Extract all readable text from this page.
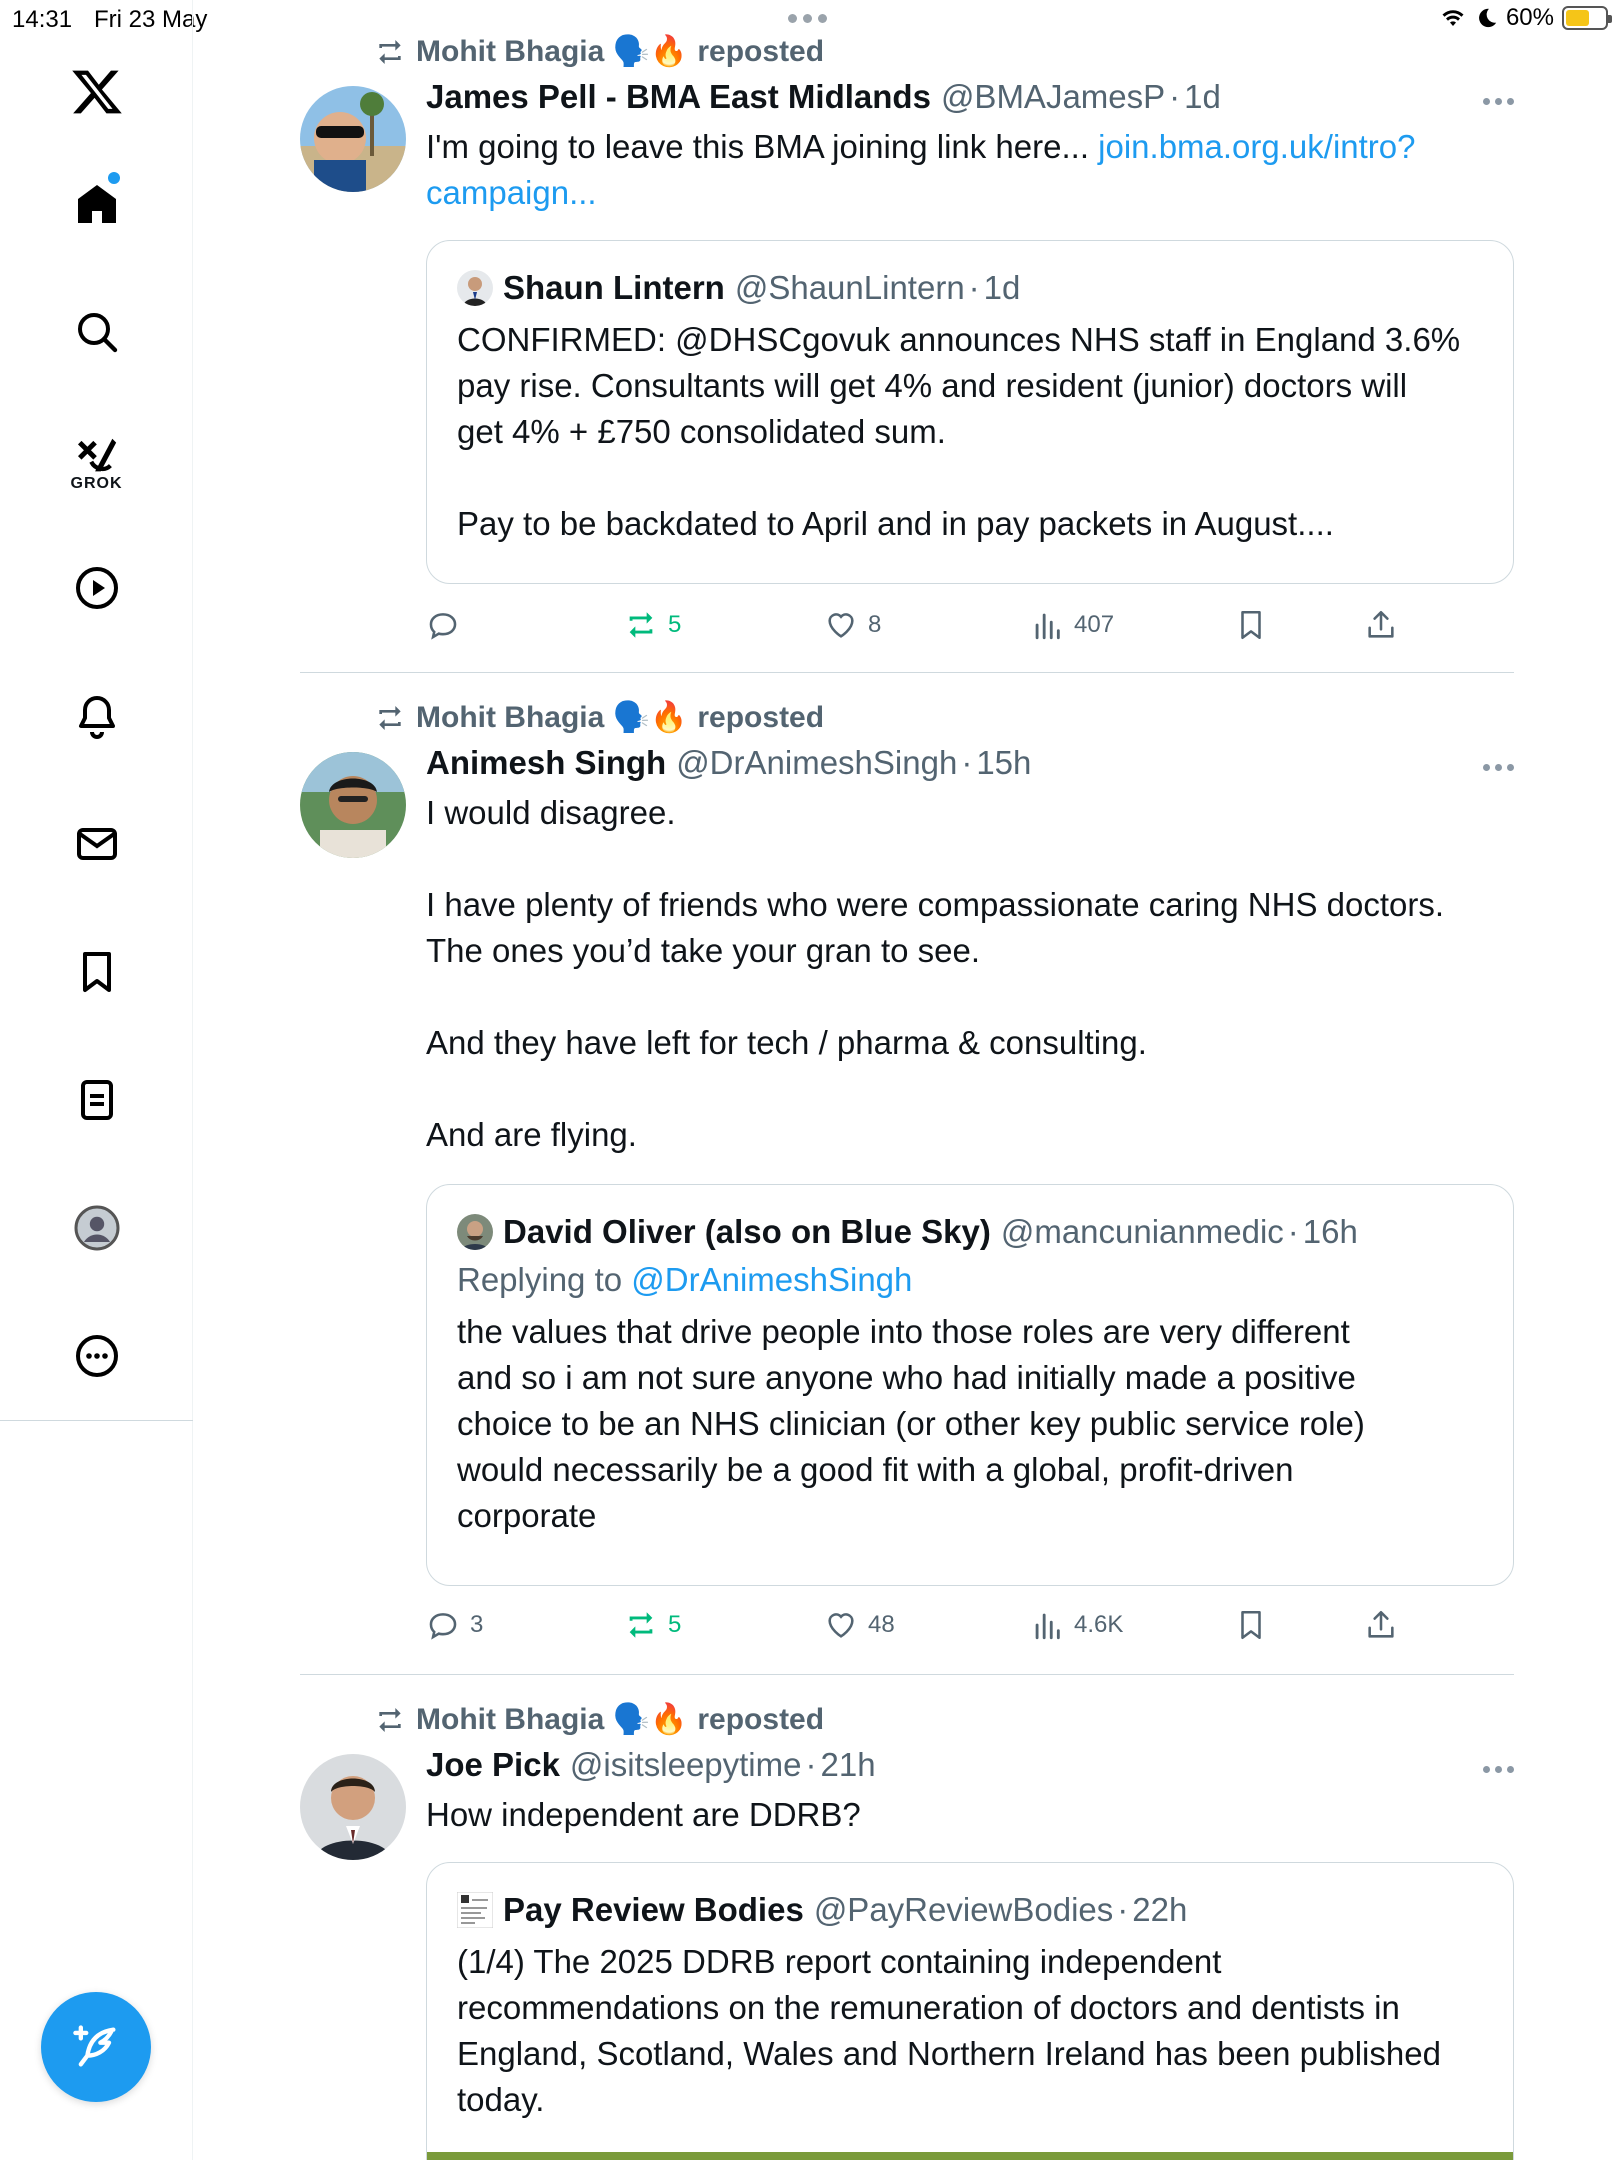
14:31 Fri 23 May	60%
GROK
Mohit Bhagia 🗣️🔥 reposted
James Pell - BMA East Midlands @BMAJamesP · 1d

I'm going to leave this BMA joining link here... join.bma.org.uk/intro?

campaign...

Shaun Lintern @ShaunLintern · 1d

CONFIRMED: @DHSCgovuk announces NHS staff in England 3.6%

pay rise. Consultants will get 4% and resident (junior) doctors will

get 4% + £750 consolidated sum.

Pay to be backdated to April and in pay packets in August....

5	8	407
Mohit Bhagia 🗣️🔥 reposted
Animesh Singh @DrAnimeshSingh · 15h

I would disagree.

I have plenty of friends who were compassionate caring NHS doctors.

The ones you’d take your gran to see.

And they have left for tech / pharma & consulting.

And are flying.

David Oliver (also on Blue Sky) @mancunianmedic · 16h
Replying to @DrAnimeshSingh

the values that drive people into those roles are very different

and so i am not sure anyone who had initially made a positive

choice to be an NHS clinician (or other key public service role)

would necessarily be a good fit with a global, profit-driven

corporate

3	5	48	4.6K
Mohit Bhagia 🗣️🔥 reposted
Joe Pick @isitsleepytime · 21h

How independent are DDRB?

Pay Review Bodies @PayReviewBodies · 22h

(1/4) The 2025 DDRB report containing independent

recommendations on the remuneration of doctors and dentists in

England, Scotland, Wales and Northern Ireland has been published

today.
